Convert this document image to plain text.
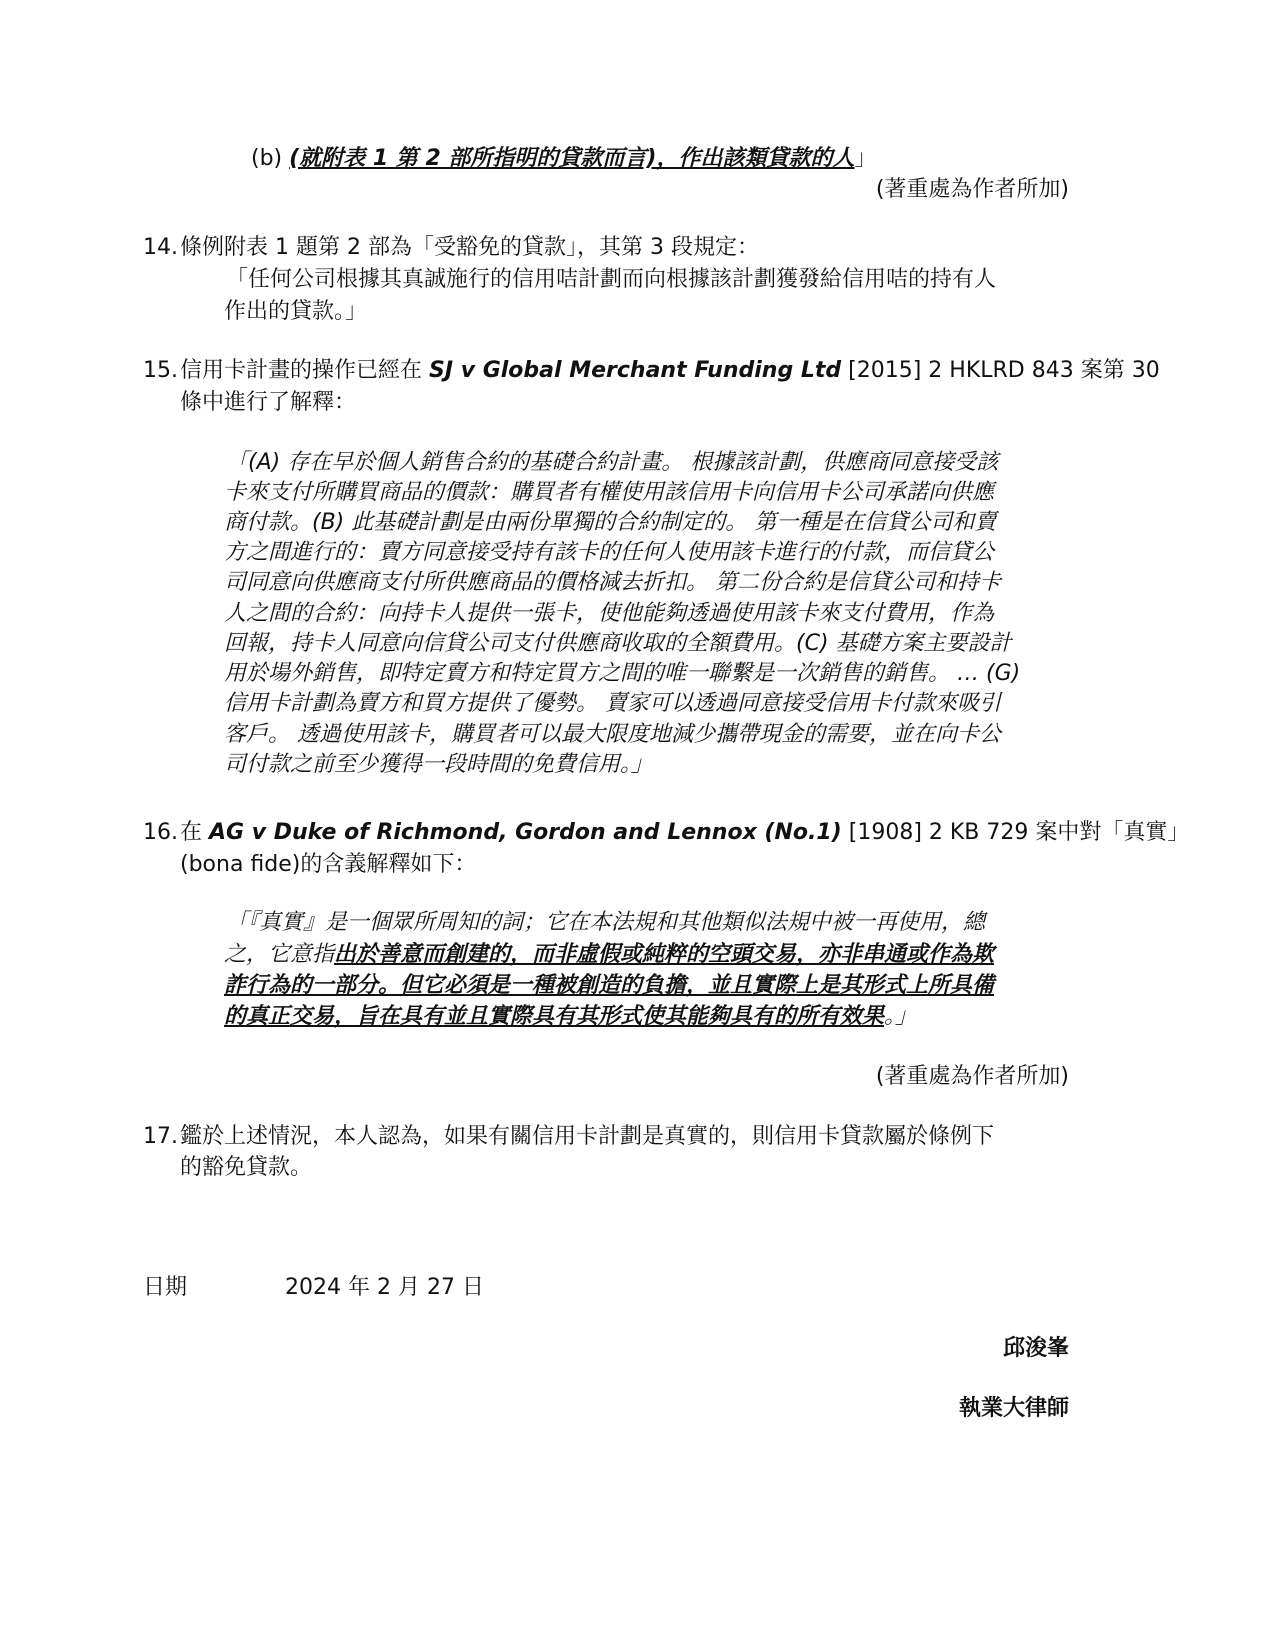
(b) (就附表 1 第 2 部所指明的貸款而言)，作出該類貸款的人」
(著重處為作者所加)
14. 條例附表 1 題第 2 部為「受豁免的貸款」，其第 3 段規定：
「任何公司根據其真誠施行的信用咭計劃而向根據該計劃獲發給信用咭的持有人
作出的貸款。」
15. 信用卡計畫的操作已經在 SJ v Global Merchant Funding Ltd [2015] 2 HKLRD 843 案第 30
條中進行了解釋：
「(A) 存在早於個人銷售合約的基礎合約計畫。 根據該計劃，供應商同意接受該
卡來支付所購買商品的價款：購買者有權使用該信用卡向信用卡公司承諾向供應
商付款。(B) 此基礎計劃是由兩份單獨的合約制定的。 第一種是在信貸公司和賣
方之間進行的：賣方同意接受持有該卡的任何人使用該卡進行的付款，而信貸公
司同意向供應商支付所供應商品的價格減去折扣。 第二份合約是信貸公司和持卡
人之間的合約：向持卡人提供一張卡，使他能夠透過使用該卡來支付費用，作為
回報，持卡人同意向信貸公司支付供應商收取的全額費用。(C) 基礎方案主要設計
用於場外銷售，即特定賣方和特定買方之間的唯一聯繫是一次銷售的銷售。 … (G)
信用卡計劃為賣方和買方提供了優勢。 賣家可以透過同意接受信用卡付款來吸引
客戶。 透過使用該卡，購買者可以最大限度地減少攜帶現金的需要，並在向卡公
司付款之前至少獲得一段時間的免費信用。」
16. 在 AG v Duke of Richmond, Gordon and Lennox (No.1) [1908] 2 KB 729 案中對「真實」
(bona fide)的含義解釋如下：
「『真實』是一個眾所周知的詞；它在本法規和其他類似法規中被一再使用，總
之，它意指出於善意而創建的，而非虛假或純粹的空頭交易，亦非串通或作為欺
詐行為的一部分。但它必須是一種被創造的負擔，並且實際上是其形式上所具備
的真正交易，旨在具有並且實際具有其形式使其能夠具有的所有效果。」
(著重處為作者所加)
17. 鑑於上述情況，本人認為，如果有關信用卡計劃是真實的，則信用卡貸款屬於條例下
的豁免貸款。
日期	2024 年 2 月 27 日
邱浚峯
執業大律師
